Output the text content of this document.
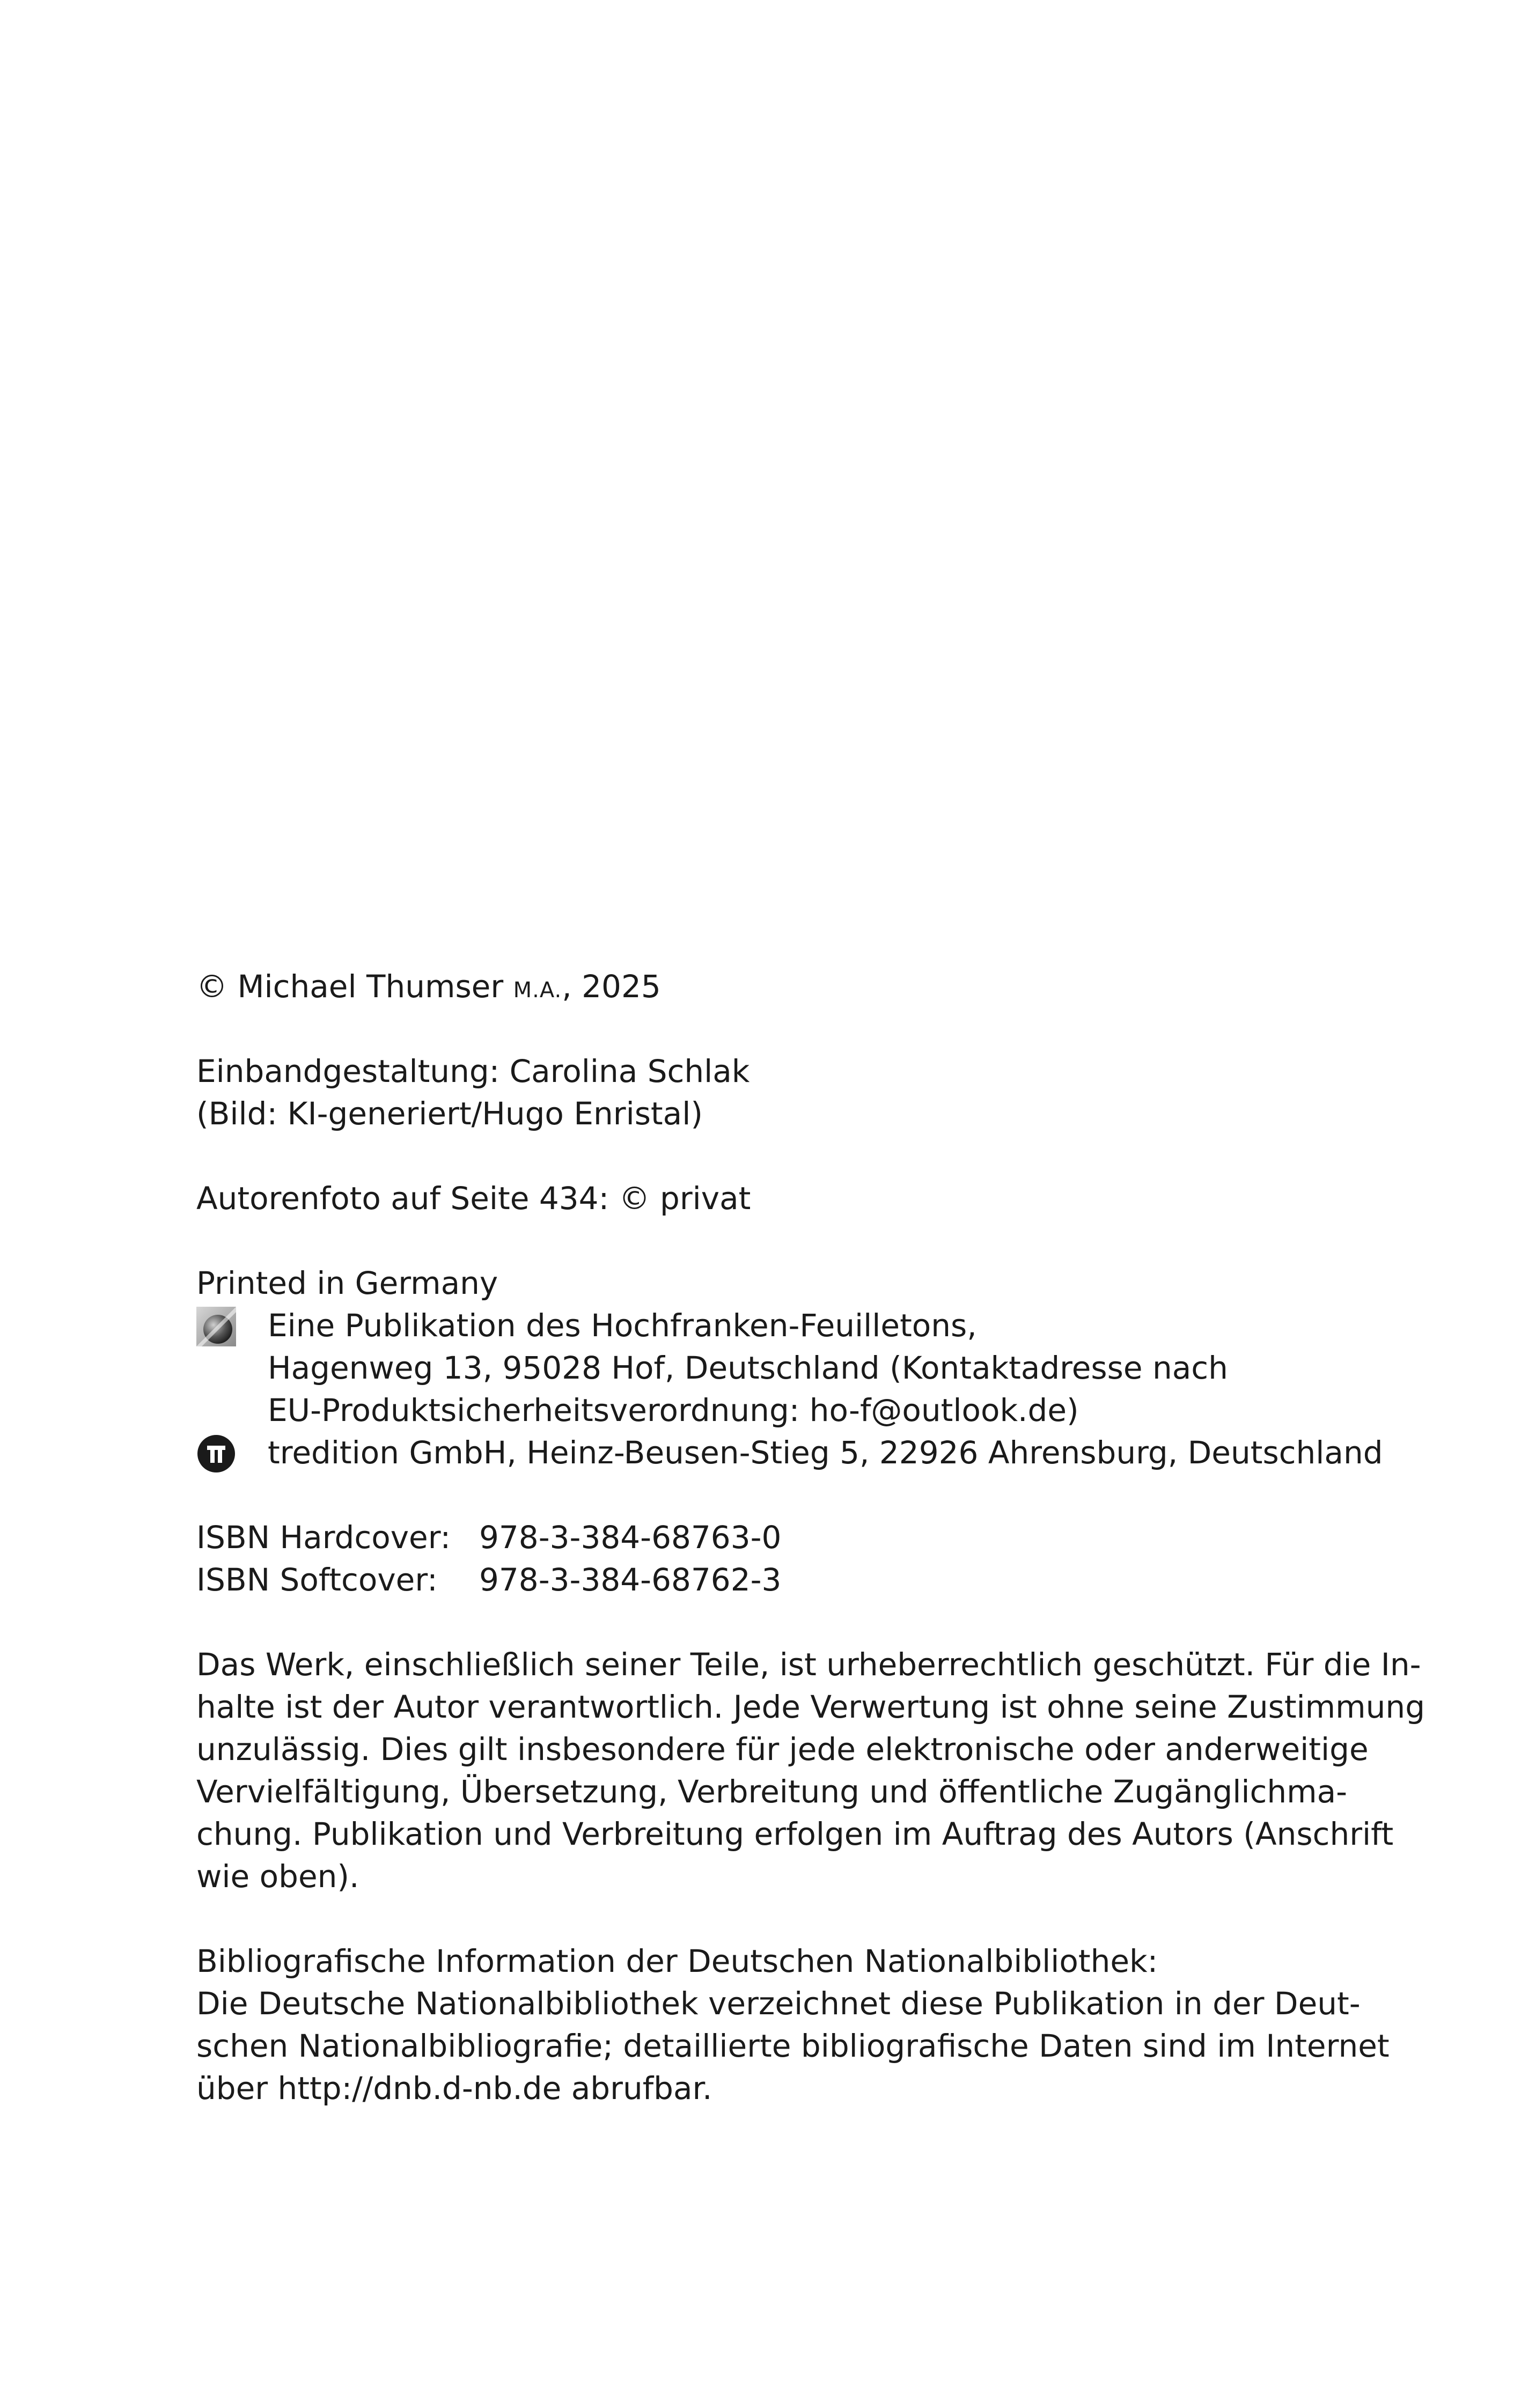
© Michael Thumser M.A., 2025
Einbandgestaltung: Carolina Schlak
(Bild: KI-generiert/Hugo Enristal)
Autorenfoto auf Seite 434: © privat
Printed in Germany
Eine Publikation des Hochfranken-Feuilletons,
Hagenweg 13, 95028 Hof, Deutschland (Kontaktadresse nach
EU-Produktsicherheitsverordnung: ho-f@outlook.de)
tredition GmbH, Heinz-Beusen-Stieg 5, 22926 Ahrensburg, Deutschland
ISBN Hardcover: 978-3-384-68763-0
ISBN Softcover: 978-3-384-68762-3
Das Werk, einschließlich seiner Teile, ist urheberrechtlich geschützt. Für die In-
halte ist der Autor verantwortlich. Jede Verwertung ist ohne seine Zustimmung
unzulässig. Dies gilt insbesondere für jede elektronische oder anderweitige
Vervielfältigung, Übersetzung, Verbreitung und öffentliche Zugänglichma-
chung. Publikation und Verbreitung erfolgen im Auftrag des Autors (Anschrift
wie oben).
Bibliografische Information der Deutschen Nationalbibliothek:
Die Deutsche Nationalbibliothek verzeichnet diese Publikation in der Deut-
schen Nationalbibliografie; detaillierte bibliografische Daten sind im Internet
über http://dnb.d-nb.de abrufbar.
